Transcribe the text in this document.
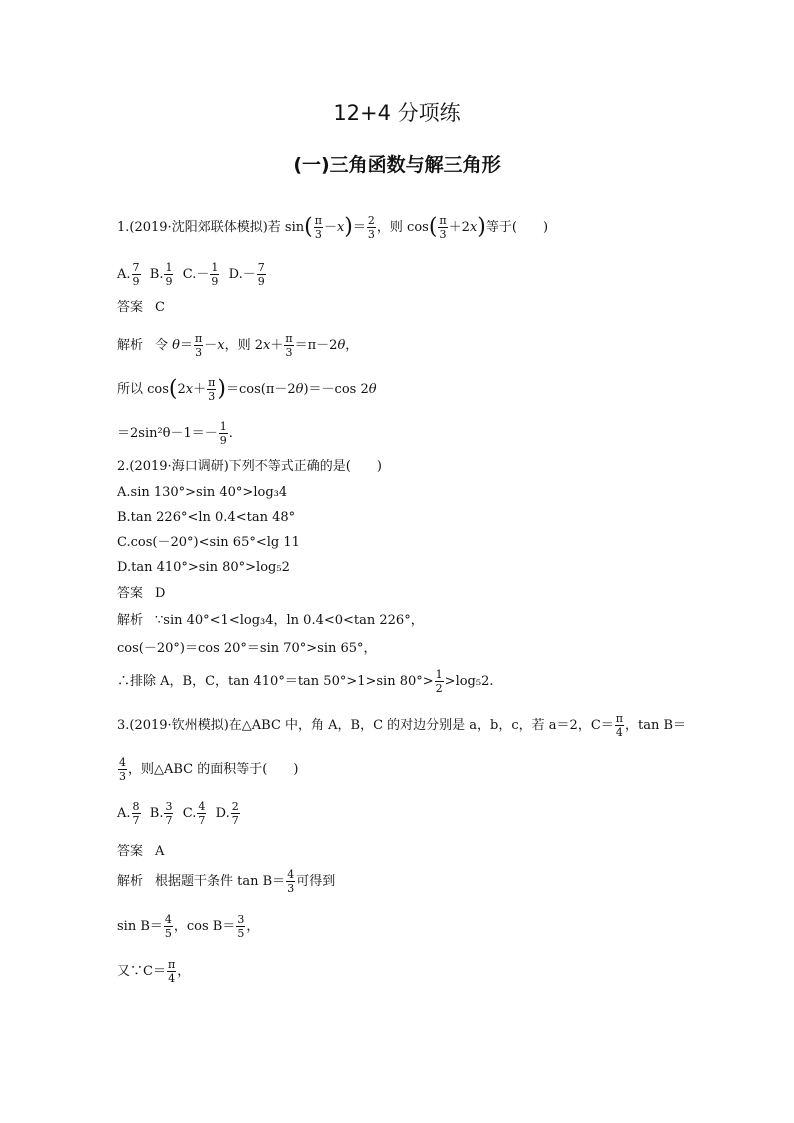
12+4 分项练
(一)三角函数与解三角形
1.(2019·沈阳郊联体模拟)若 $\sin( \frac{\pi}{3} -x)= \frac{2}{3}$ ，则 $\cos( \frac{\pi}{3} +2x)$等于(　　)
A. $\frac{7}{9} B$. $\frac{1}{9} C.- \frac{1}{9} D.- \frac{7}{9}$
答案 C
解析 令 $\theta= \frac{\pi}{3} -x$，则 $2x+ \frac{\pi}{3} =\pi-2\theta$，
所以 $\cos(2x+ \frac{\pi}{3} )=\cos(\pi-2\theta)=-\cos$ 2θ
$=2\sin^2\theta-1=- \frac{1}{9}$ .
2.(2019·海口调研)下列不等式正确的是(　　)
A.sin 130°>sin 40°>log₃4
B.tan 226°<ln 0.4<tan 48°
C.cos(－20°)<sin 65°<lg 11
D.tan 410°>sin 80°>log₅2
答案 D
解析 ∵sin 40°<1<log₃4，ln 0.4<0<tan 226°，
cos(－20°)＝cos 20°＝sin 70°>sin 65°，
∴排除 A，B，C，tan 410°＝tan 50°>1>sin $80^\circ> \frac{1}{2} >\log_52$.
3.(2019·钦州模拟)在△ABC 中，角 A，B，C 的对边分别是 a，b，c，若 a＝2，$C= \frac{\pi}{4}$ ，tan B＝
$\frac{4}{3}$ ，则△ABC 的面积等于(　　)
A. $\frac{8}{7} B$. $\frac{3}{7} C$. $\frac{4}{7} D$. $\frac{2}{7}$
答案 A
解析 根据题干条件 $\tan B= \frac{4}{3}$ 可得到
$\sin B= \frac{4}{5}$ ，$\cos B= \frac{3}{5}$ ，
又∵C＝ $\frac{\pi}{4}$ ，
